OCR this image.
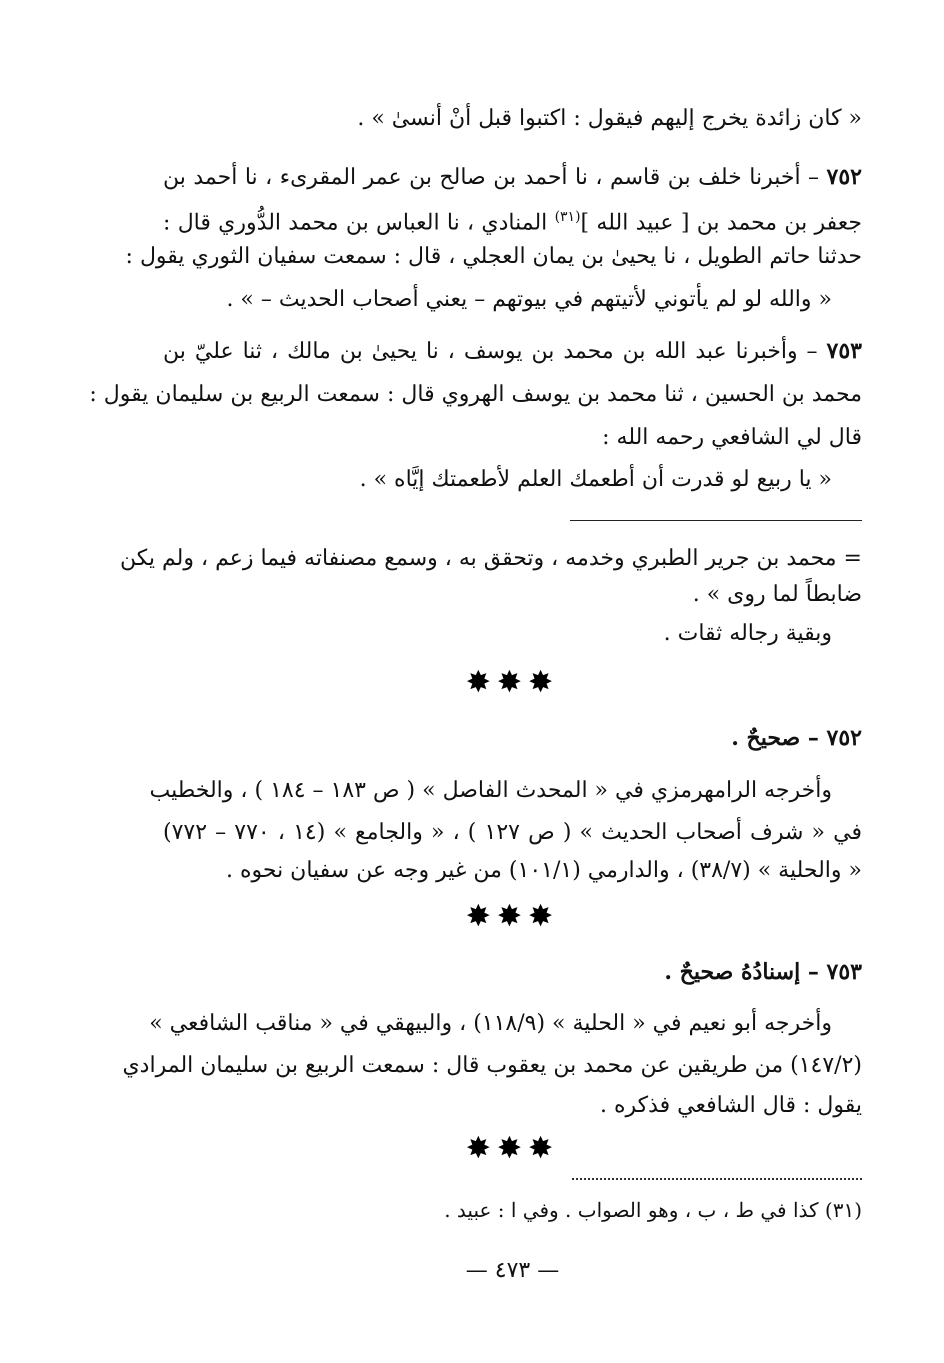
« كان زائدة يخرج إليهم فيقول : اكتبوا قبل أنْ أنسىٰ » .
٧٥٢ – أخبرنا خلف بن قاسم ، نا أحمد بن صالح بن عمر المقرىء ، نا أحمد بن
جعفر بن محمد بن [ عبيد الله ]$^{(٣١)}$ المنادي ، نا العباس بن محمد الدُّوري قال :
حدثنا حاتم الطويل ، نا يحيىٰ بن يمان العجلي ، قال : سمعت سفيان الثوري يقول :
« والله لو لم يأتوني لأتيتهم في بيوتهم – يعني أصحاب الحديث – » .
٧٥٣ – وأخبرنا عبد الله بن محمد بن يوسف ، نا يحيىٰ بن مالك ، ثنا عليّ بن
محمد بن الحسين ، ثنا محمد بن يوسف الهروي قال : سمعت الربيع بن سليمان يقول :
قال لي الشافعي رحمه الله :
« يا ربيع لو قدرت أن أطعمك العلم لأطعمتك إيَّاه » .
= محمد بن جرير الطبري وخدمه ، وتحقق به ، وسمع مصنفاته فيما زعم ، ولم يكن
ضابطاً لما روى » .
وبقية رجاله ثقات .
✸✸✸
٧٥٢ – صحيحٌ .
وأخرجه الرامهرمزي في « المحدث الفاصل » ( ص ١٨٣ – ١٨٤ ) ، والخطيب
في « شرف أصحاب الحديث » ( ص ١٢٧ ) ، « والجامع » (١٤ ، ٧٧٠ – ٧٧٢)
« والحلية » (٣٨/٧) ، والدارمي (١٠١/١) من غير وجه عن سفيان نحوه .
✸✸✸
٧٥٣ – إسنادُهُ صحيحٌ .
وأخرجه أبو نعيم في « الحلية » (١١٨/٩) ، والبيهقي في « مناقب الشافعي »
(١٤٧/٢) من طريقين عن محمد بن يعقوب قال : سمعت الربيع بن سليمان المرادي
يقول : قال الشافعي فذكره .
✸✸✸
(٣١) كذا في ط ، ب ، وهو الصواب . وفي ا : عبيد .
— ٤٧٣ —
